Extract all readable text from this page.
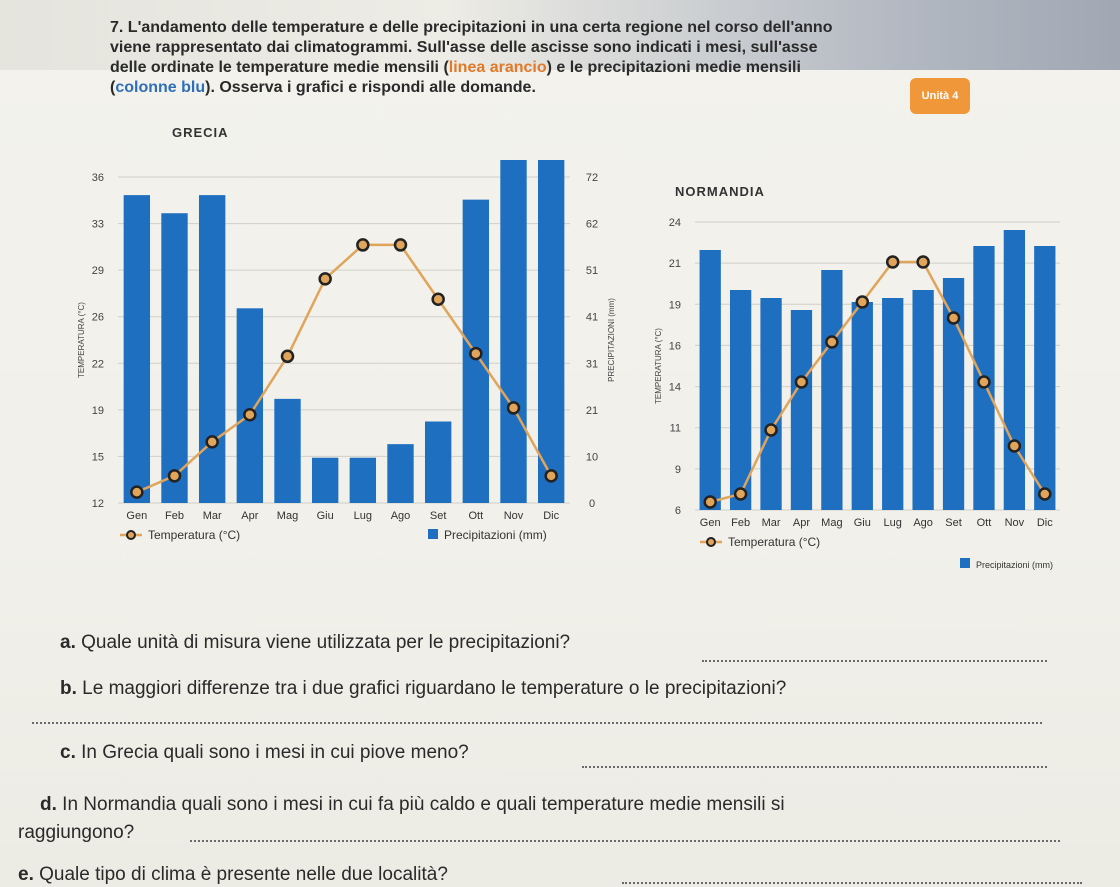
Unità 4
7. L'andamento delle temperature e delle precipitazioni in una certa regione nel corso dell'anno
viene rappresentato dai climatogrammi. Sull'asse delle ascisse sono indicati i mesi, sull'asse
delle ordinate le temperature medie mensili (linea arancio) e le precipitazioni medie mensili
(colonne blu). Osserva i grafici e rispondi alle domande.
GRECIA
NORMANDIA
12
15
19
22
26
29
33
36
0
10
21
31
41
51
62
72
PRECIPITAZIONI (mm)
TEMPERATURA (°C)
Gen Feb Mar Apr Mag Giu Lug Ago Set Ott Nov Dic
Temperatura (°C)	Precipitazioni (mm)
6
9
11
14
16
19
21
24
TEMPERATURA (°C)
Gen Feb Mar Apr Mag Giu Lug Ago Set Ott Nov Dic
Temperatura (°C)
Precipitazioni (mm)
a. Quale unità di misura viene utilizzata per le precipitazioni?
b. Le maggiori differenze tra i due grafici riguardano le temperature o le precipitazioni?
c. In Grecia quali sono i mesi in cui piove meno?
d. In Normandia quali sono i mesi in cui fa più caldo e quali temperature medie mensili si
raggiungono?
e. Quale tipo di clima è presente nelle due località?
